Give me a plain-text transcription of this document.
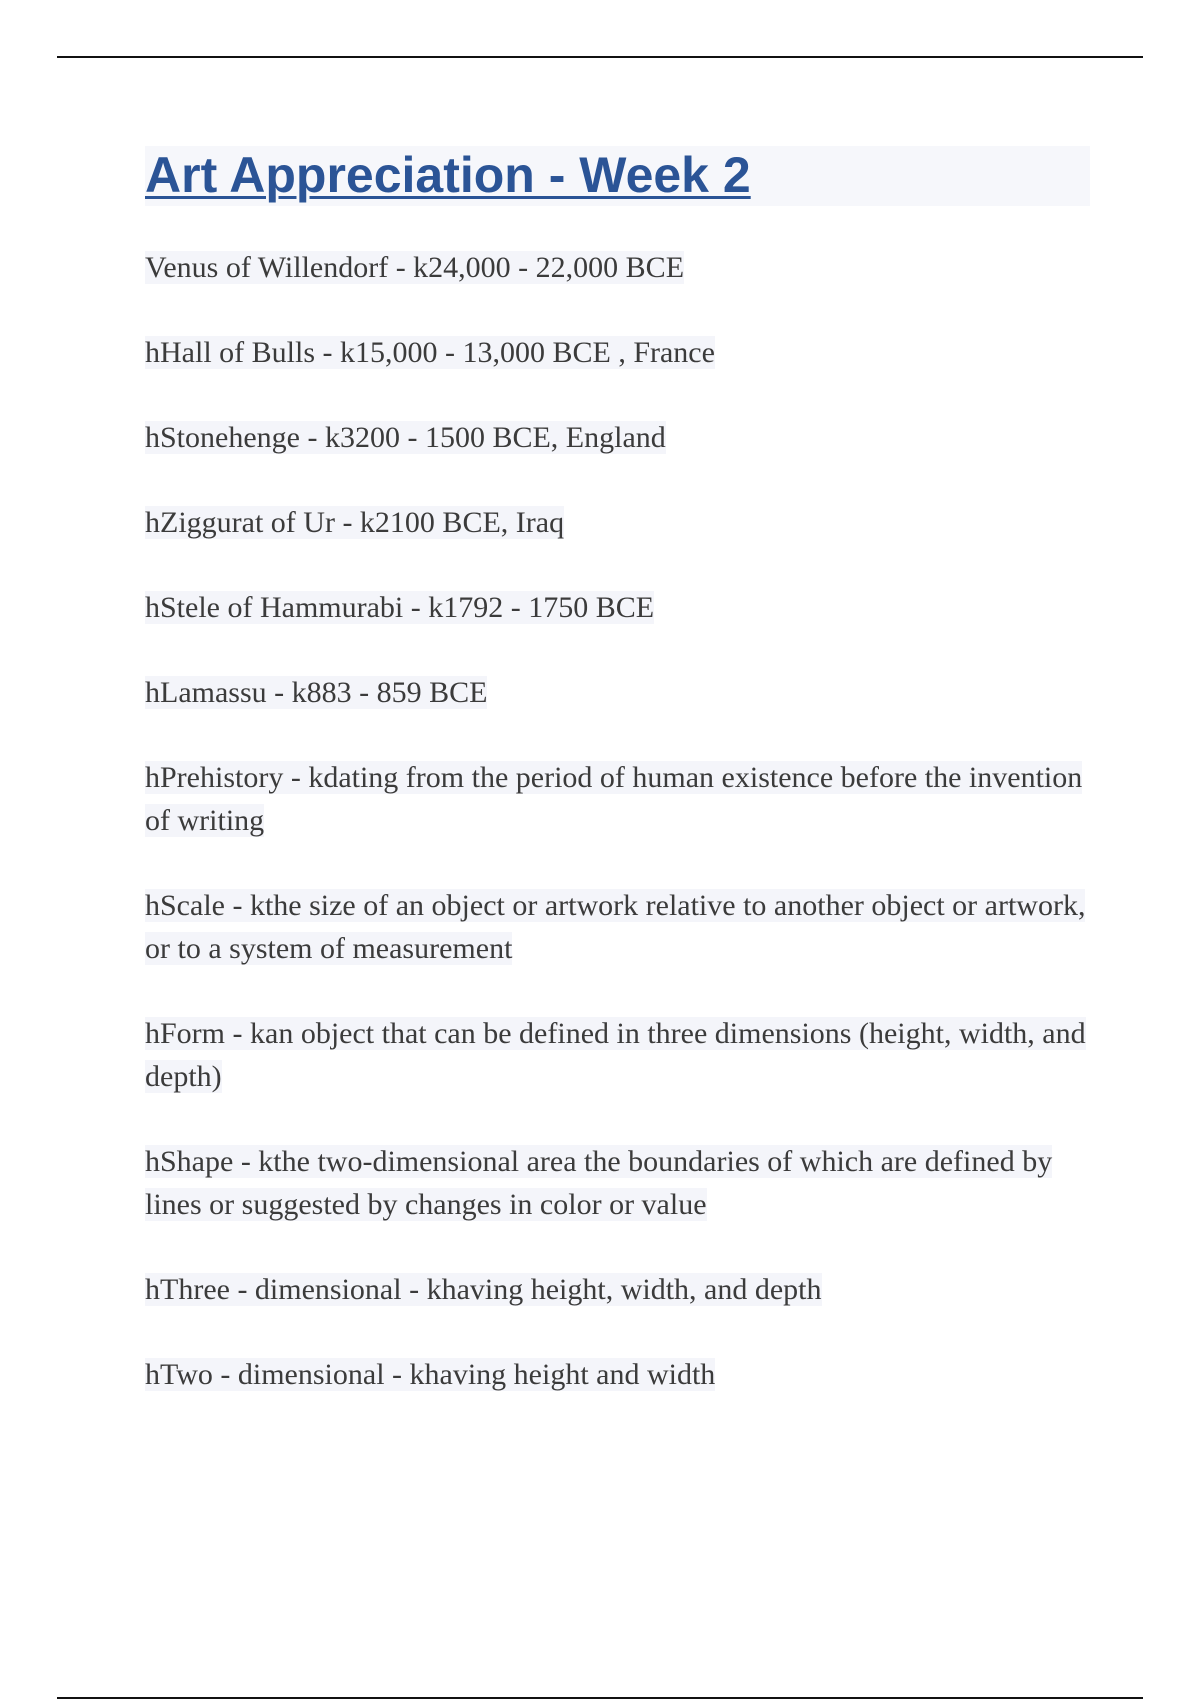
Art Appreciation - Week 2
Venus of Willendorf - k24,000 - 22,000 BCE
hHall of Bulls - k15,000 - 13,000 BCE , France
hStonehenge - k3200 - 1500 BCE, England
hZiggurat of Ur - k2100 BCE, Iraq
hStele of Hammurabi - k1792 - 1750 BCE
hLamassu - k883 - 859 BCE
hPrehistory - kdating from the period of human existence before the invention of writing
hScale - kthe size of an object or artwork relative to another object or artwork, or to a system of measurement
hForm - kan object that can be defined in three dimensions (height, width, and depth)
hShape - kthe two-dimensional area the boundaries of which are defined by lines or suggested by changes in color or value
hThree - dimensional - khaving height, width, and depth
hTwo - dimensional - khaving height and width
